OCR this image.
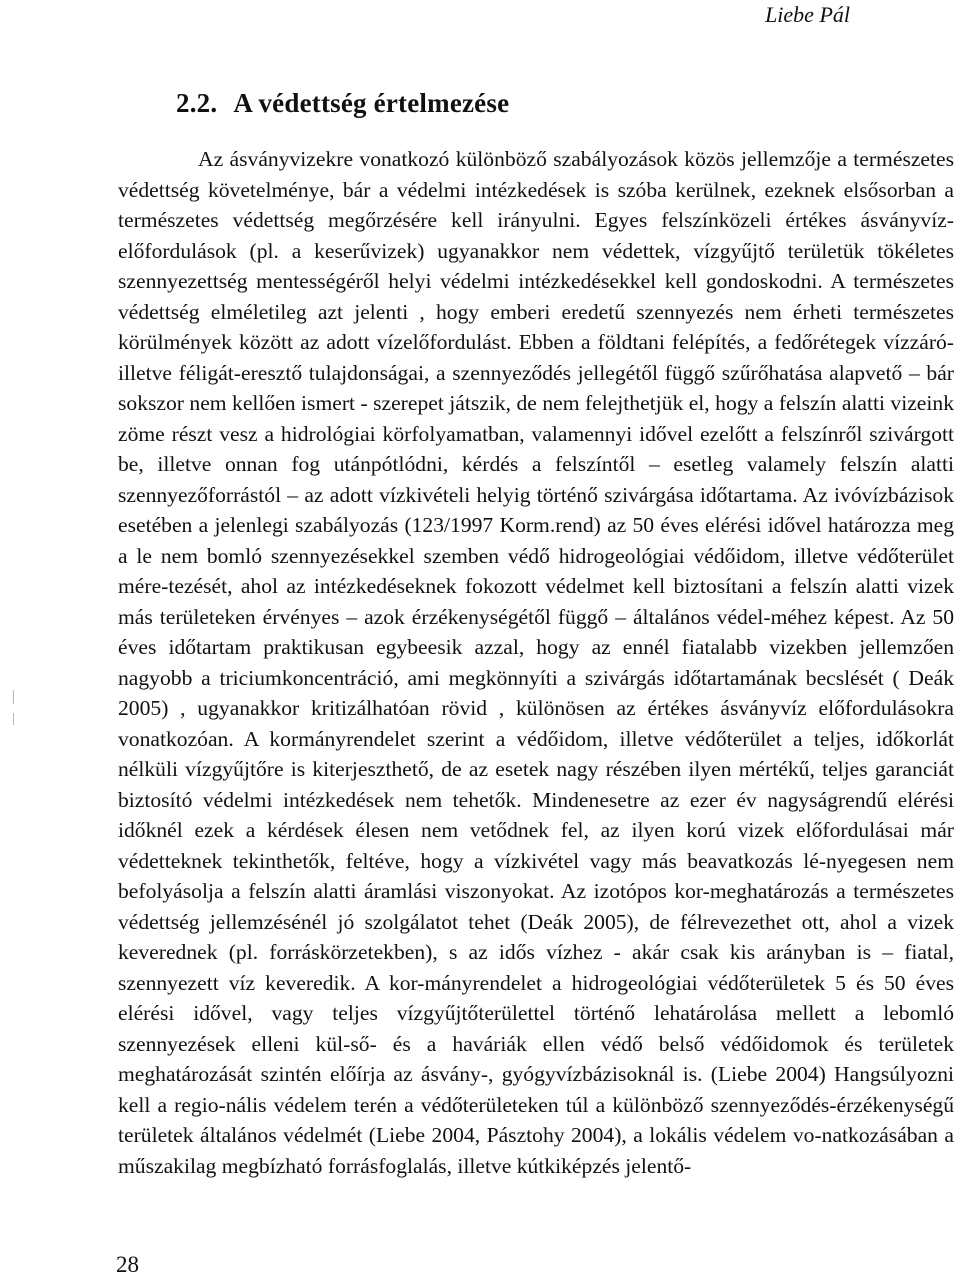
Liebe Pál
2.2. A védettség értelmezése

Az ásványvizekre vonatkozó különböző szabályozások közös jellemzője a természetes védettség követelménye, bár a védelmi intézkedések is szóba kerülnek, ezeknek elsősorban a természetes védettség megőrzésére kell irányulni. Egyes felszínközeli értékes ásványvíz-előfordulások (pl. a keserűvizek) ugyanakkor nem védettek, vízgyűjtő területük tökéletes szennyezettség mentességéről helyi védelmi intézkedésekkel kell gondoskodni. A természetes védettség elméletileg azt jelenti , hogy emberi eredetű szennyezés nem érheti természetes körülmények között az adott vízelőfordulást. Ebben a földtani felépítés, a fedőrétegek vízzáró- illetve féligát-eresztő tulajdonságai, a szennyeződés jellegétől függő szűrőhatása alapvető – bár sokszor nem kellően ismert - szerepet játszik, de nem felejthetjük el, hogy a felszín alatti vizeink zöme részt vesz a hidrológiai körfolyamatban, valamennyi idővel ezelőtt a felszínről szivárgott be, illetve onnan fog utánpótlódni, kérdés a felszíntől – esetleg valamely felszín alatti szennyezőforrástól – az adott vízkivételi helyig történő szivárgása időtartama. Az ivóvízbázisok esetében a jelenlegi szabályozás (123/1997 Korm.rend) az 50 éves elérési idővel határozza meg a le nem bomló szennyezésekkel szemben védő hidrogeológiai védőidom, illetve védőterület mére-tezését, ahol az intézkedéseknek fokozott védelmet kell biztosítani a felszín alatti vizek más területeken érvényes – azok érzékenységétől függő – általános védel-méhez képest. Az 50 éves időtartam praktikusan egybeesik azzal, hogy az ennél fiatalabb vizekben jellemzően nagyobb a triciumkoncentráció, ami megkönnyíti a szivárgás időtartamának becslését ( Deák 2005) , ugyanakkor kritizálhatóan rövid , különösen az értékes ásványvíz előfordulásokra vonatkozóan. A kormányrendelet szerint a védőidom, illetve védőterület a teljes, időkorlát nélküli vízgyűjtőre is kiterjeszthető, de az esetek nagy részében ilyen mértékű, teljes garanciát biztosító védelmi intézkedések nem tehetők. Mindenesetre az ezer év nagyságrendű elérési időknél ezek a kérdések élesen nem vetődnek fel, az ilyen korú vizek előfordulásai már védetteknek tekinthetők, feltéve, hogy a vízkivétel vagy más beavatkozás lé-nyegesen nem befolyásolja a felszín alatti áramlási viszonyokat. Az izotópos kor-meghatározás a természetes védettség jellemzésénél jó szolgálatot tehet (Deák 2005), de félrevezethet ott, ahol a vizek keverednek (pl. forráskörzetekben), s az idős vízhez - akár csak kis arányban is – fiatal, szennyezett víz keveredik. A kor-mányrendelet a hidrogeológiai védőterületek 5 és 50 éves elérési idővel, vagy teljes vízgyűjtőterülettel történő lehatárolása mellett a lebomló szennyezések elleni kül-ső- és a haváriák ellen védő belső védőidomok és területek meghatározását szintén előírja az ásvány-, gyógyvízbázisoknál is. (Liebe 2004) Hangsúlyozni kell a regio-nális védelem terén a védőterületeken túl a különböző szennyeződés-érzékenységű területek általános védelmét (Liebe 2004, Pásztohy 2004), a lokális védelem vo-natkozásában a műszakilag megbízható forrásfoglalás, illetve kútkiképzés jelentő-

28
